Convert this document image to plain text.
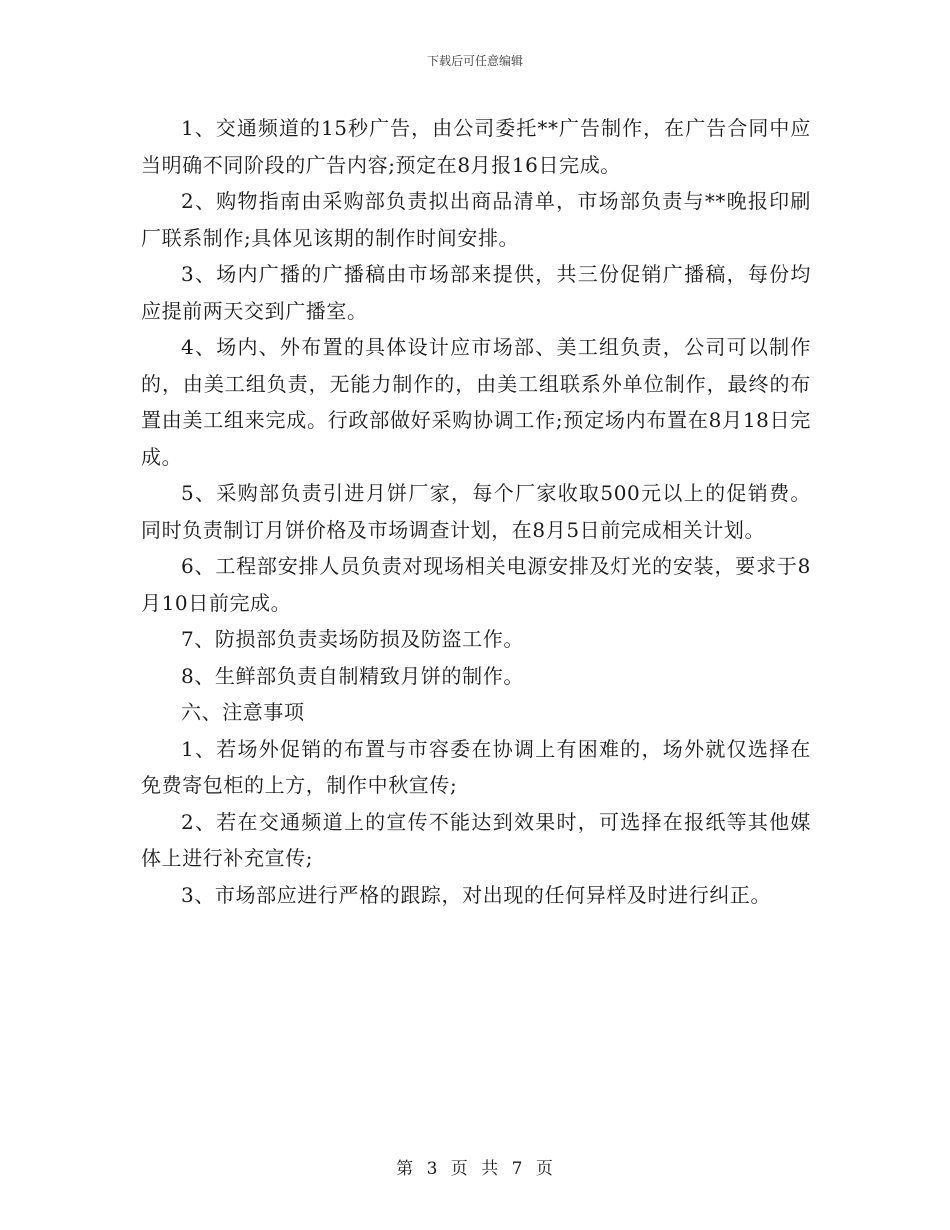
下载后可任意编辑

1、交通频道的15秒广告，由公司委托**广告制作，在广告合同中应当明确不同阶段的广告内容;预定在8月报16日完成。

2、购物指南由采购部负责拟出商品清单，市场部负责与**晚报印刷厂联系制作;具体见该期的制作时间安排。

3、场内广播的广播稿由市场部来提供，共三份促销广播稿，每份均应提前两天交到广播室。

4、场内、外布置的具体设计应市场部、美工组负责，公司可以制作的，由美工组负责，无能力制作的，由美工组联系外单位制作，最终的布置由美工组来完成。行政部做好采购协调工作;预定场内布置在8月18日完成。

5、采购部负责引进月饼厂家，每个厂家收取500元以上的促销费。同时负责制订月饼价格及市场调查计划，在8月5日前完成相关计划。

6、工程部安排人员负责对现场相关电源安排及灯光的安装，要求于8月10日前完成。

7、防损部负责卖场防损及防盗工作。

8、生鲜部负责自制精致月饼的制作。

六、注意事项

1、若场外促销的布置与市容委在协调上有困难的，场外就仅选择在免费寄包柜的上方，制作中秋宣传;

2、若在交通频道上的宣传不能达到效果时，可选择在报纸等其他媒体上进行补充宣传;

3、市场部应进行严格的跟踪，对出现的任何异样及时进行纠正。

第 3 页 共 7 页
